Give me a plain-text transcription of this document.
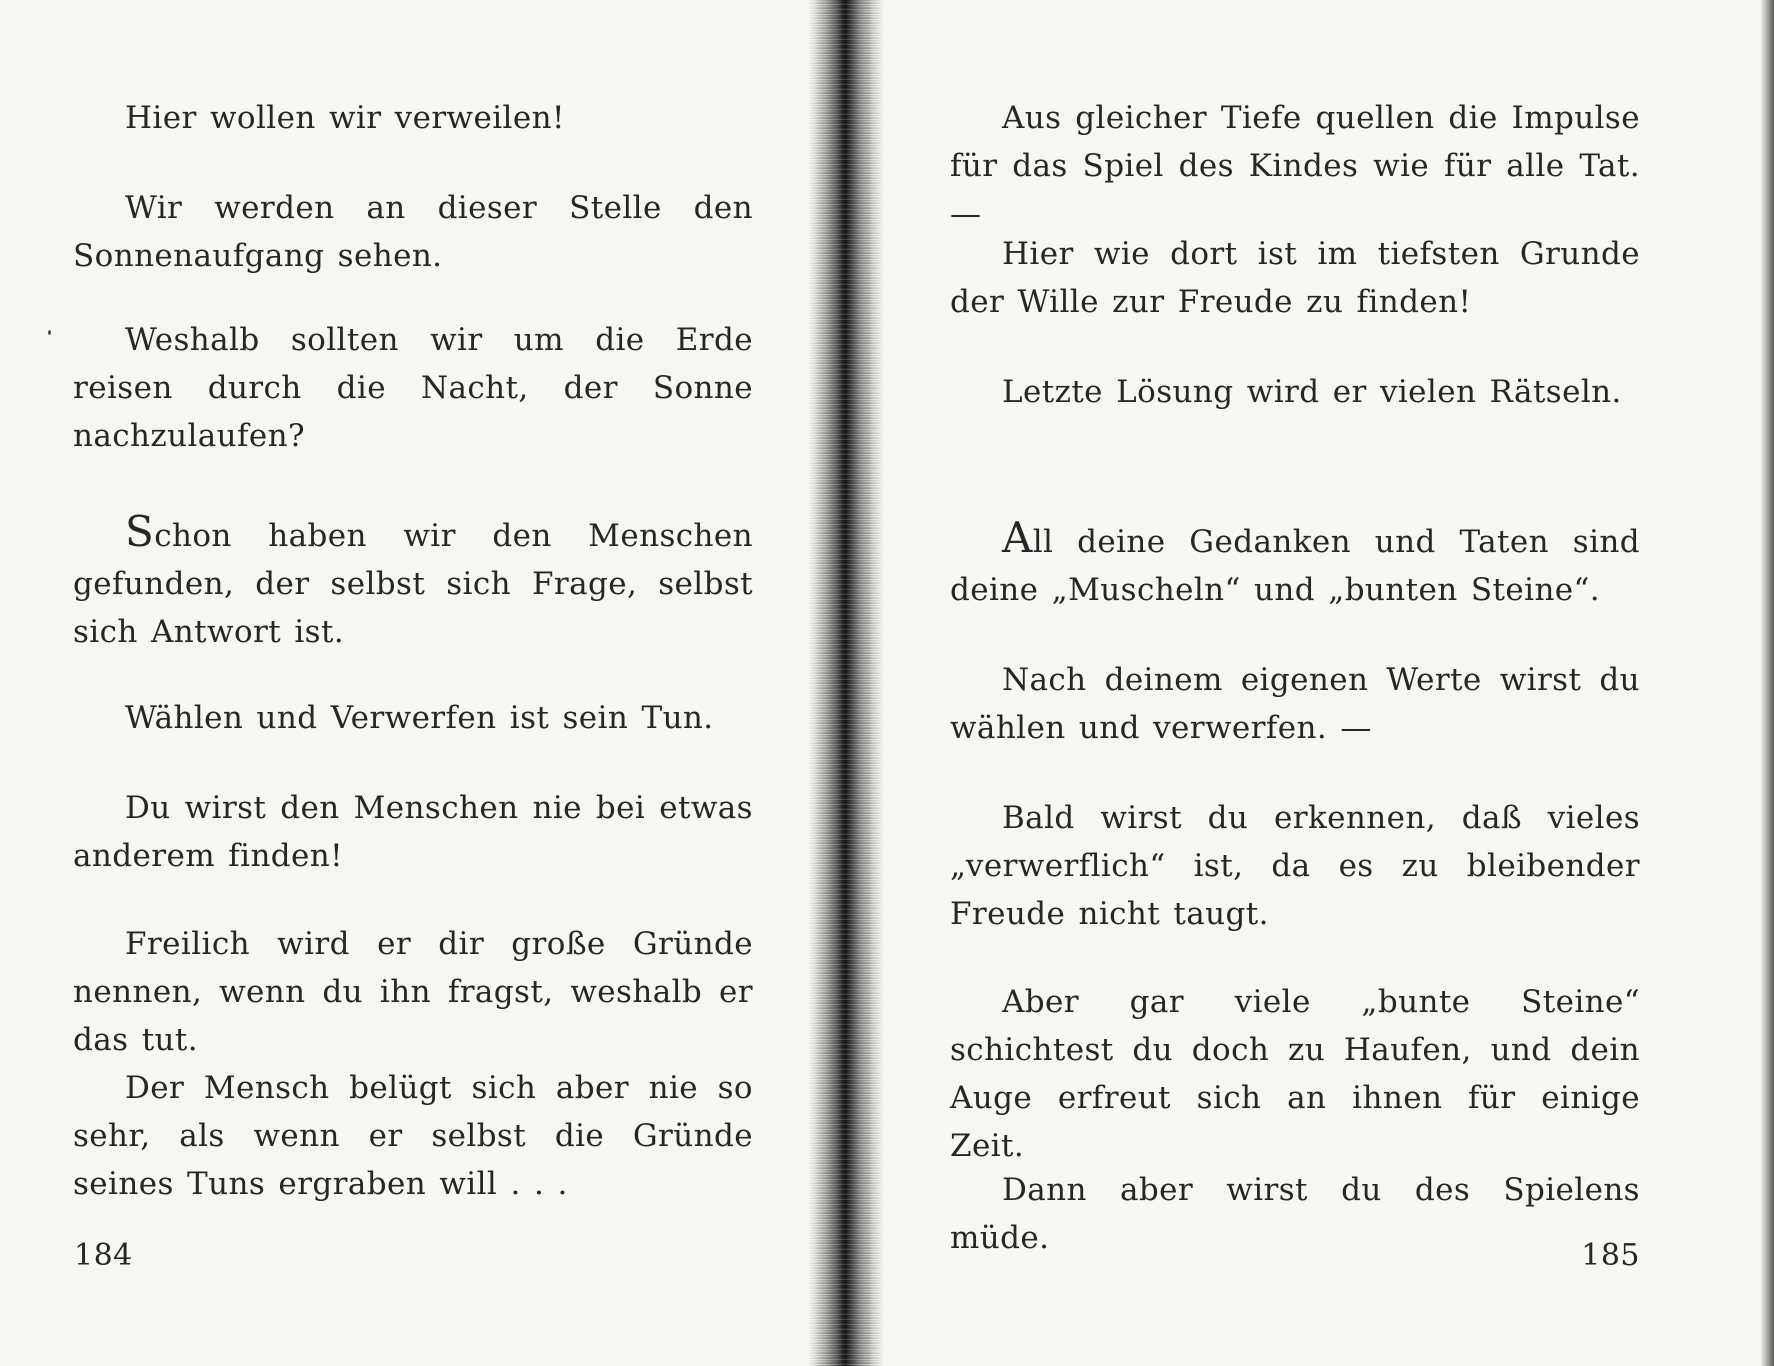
Hier wollen wir verweilen!

Wir werden an dieser Stelle den Sonnenaufgang sehen.

Weshalb sollten wir um die Erde reisen durch die Nacht, der Sonne nachzulaufen?

Schon haben wir den Menschen gefunden, der selbst sich Frage, selbst sich Antwort ist.

Wählen und Verwerfen ist sein Tun.

Du wirst den Menschen nie bei etwas anderem finden!

Freilich wird er dir große Gründe nennen, wenn du ihn fragst, weshalb er das tut.

Der Mensch belügt sich aber nie so sehr, als wenn er selbst die Gründe seines Tuns ergraben will . . .

184

Aus gleicher Tiefe quellen die Impulse für das Spiel des Kindes wie für alle Tat. —

Hier wie dort ist im tiefsten Grunde der Wille zur Freude zu finden!

Letzte Lösung wird er vielen Rätseln.

All deine Gedanken und Taten sind deine „Muscheln“ und „bunten Steine“.

Nach deinem eigenen Werte wirst du wählen und verwerfen. —

Bald wirst du erkennen, daß vieles „verwerflich“ ist, da es zu bleibender Freude nicht taugt.

Aber gar viele „bunte Steine“ schichtest du doch zu Haufen, und dein Auge erfreut sich an ihnen für einige Zeit.

Dann aber wirst du des Spielens müde.	185
